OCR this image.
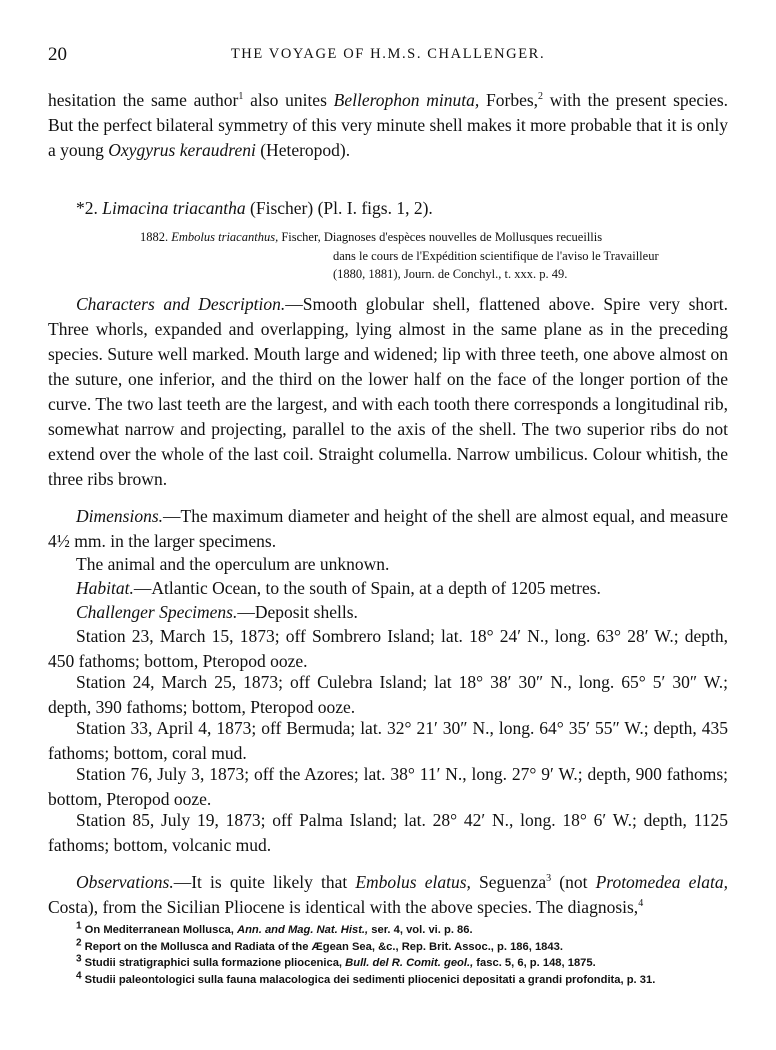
20	THE VOYAGE OF H.M.S. CHALLENGER.

hesitation the same author$^1$ also unites Bellerophon minuta, Forbes,$^2$ with the present species. But the perfect bilateral symmetry of this very minute shell makes it more probable that it is only a young Oxygyrus keraudreni (Heteropod).

*2. Limacina triacantha (Fischer) (Pl. I. figs. 1, 2).
1882. Embolus triacanthus, Fischer, Diagnoses d'espèces nouvelles de Mollusques recueillis
dans le cours de l'Expédition scientifique de l'aviso le Travailleur
(1880, 1881), Journ. de Conchyl., t. xxx. p. 49.

Characters and Description.—Smooth globular shell, flattened above. Spire very short. Three whorls, expanded and overlapping, lying almost in the same plane as in the preceding species. Suture well marked. Mouth large and widened; lip with three teeth, one above almost on the suture, one inferior, and the third on the lower half on the face of the longer portion of the curve. The two last teeth are the largest, and with each tooth there corresponds a longitudinal rib, somewhat narrow and projecting, parallel to the axis of the shell. The two superior ribs do not extend over the whole of the last coil. Straight columella. Narrow umbilicus. Colour whitish, the three ribs brown.

Dimensions.—The maximum diameter and height of the shell are almost equal, and measure 4½ mm. in the larger specimens.

The animal and the operculum are unknown.

Habitat.—Atlantic Ocean, to the south of Spain, at a depth of 1205 metres.

Challenger Specimens.—Deposit shells.

Station 23, March 15, 1873; off Sombrero Island; lat. 18° 24′ N., long. 63° 28′ W.; depth, 450 fathoms; bottom, Pteropod ooze.

Station 24, March 25, 1873; off Culebra Island; lat 18° 38′ 30″ N., long. 65° 5′ 30″ W.; depth, 390 fathoms; bottom, Pteropod ooze.

Station 33, April 4, 1873; off Bermuda; lat. 32° 21′ 30″ N., long. 64° 35′ 55″ W.; depth, 435 fathoms; bottom, coral mud.

Station 76, July 3, 1873; off the Azores; lat. 38° 11′ N., long. 27° 9′ W.; depth, 900 fathoms; bottom, Pteropod ooze.

Station 85, July 19, 1873; off Palma Island; lat. 28° 42′ N., long. 18° 6′ W.; depth, 1125 fathoms; bottom, volcanic mud.

Observations.—It is quite likely that Embolus elatus, Seguenza$^3$ (not Protomedea elata, Costa), from the Sicilian Pliocene is identical with the above species. The diagnosis,$^4$

$^1$ On Mediterranean Mollusca, Ann. and Mag. Nat. Hist., ser. 4, vol. vi. p. 86.
$^2$ Report on the Mollusca and Radiata of the Ægean Sea, &c., Rep. Brit. Assoc., p. 186, 1843.
$^3$ Studii stratigraphici sulla formazione pliocenica, Bull. del R. Comit. geol., fasc. 5, 6, p. 148, 1875.
$^4$ Studii paleontologici sulla fauna malacologica dei sedimenti pliocenici depositati a grandi profondita, p. 31.
